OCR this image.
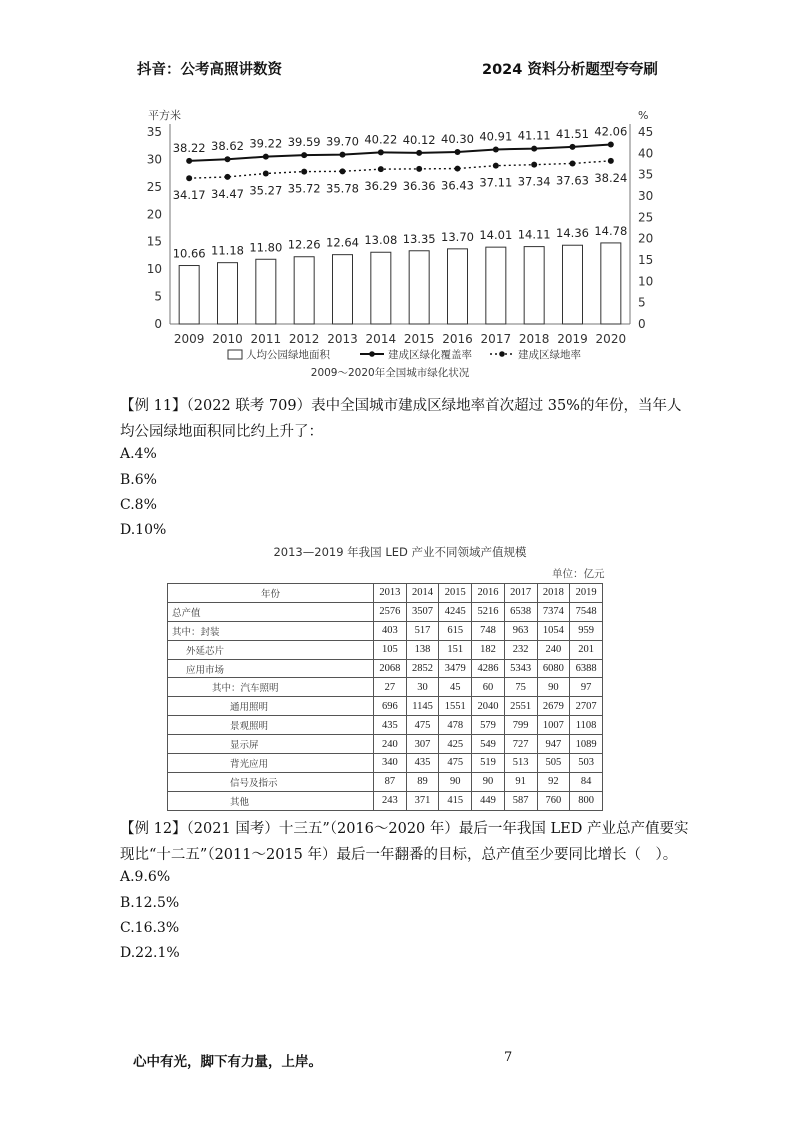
抖音：公考高照讲数资	2024 资料分析题型夸夸刷
平方米	%
0
5
10
15
20
25
30
35
0
5
10
15
20
25
30
35
40
45
10.66 11.18 11.80 12.26 12.64 13.08 13.35 13.70 14.01 14.11 14.36 14.78
2009 2010 2011 2012 2013 2014 2015 2016 2017 2018 2019 2020
38.22 38.62 39.22 39.59 39.70 40.22 40.12 40.30 40.91 41.11 41.51 42.06
34.17 34.47 35.27 35.72 35.78 36.29 36.36 36.43 37.11 37.34 37.63 38.24
人均公园绿地面积	建成区绿化覆盖率	建成区绿地率
2009～2020年全国城市绿化状况
【例 11】（2022 联考 709）表中全国城市建成区绿地率首次超过 35%的年份，当年人均公园绿地面积同比约上升了：
A.4%
B.6%
C.8%
D.10%
2013—2019 年我国 LED 产业不同领域产值规模
单位：亿元
年份	2013	2014	2015	2016	2017	2018	2019
总产值	2576	3507	4245	5216	6538	7374	7548
其中：封装	403	517	615	748	963	1054	959
外延芯片	105	138	151	182	232	240	201
应用市场	2068	2852	3479	4286	5343	6080	6388
其中：汽车照明	27	30	45	60	75	90	97
通用照明	696	1145	1551	2040	2551	2679	2707
景观照明	435	475	478	579	799	1007	1108
显示屏	240	307	425	549	727	947	1089
背光应用	340	435	475	519	513	505	503
信号及指示	87	89	90	90	91	92	84
其他	243	371	415	449	587	760	800
【例 12】（2021 国考）十三五”（2016～2020 年）最后一年我国 LED 产业总产值要实现比“十二五”（2011～2015 年）最后一年翻番的目标，总产值至少要同比增长（　）。
A.9.6%
B.12.5%
C.16.3%
D.22.1%
心中有光，脚下有力量，上岸。	7
